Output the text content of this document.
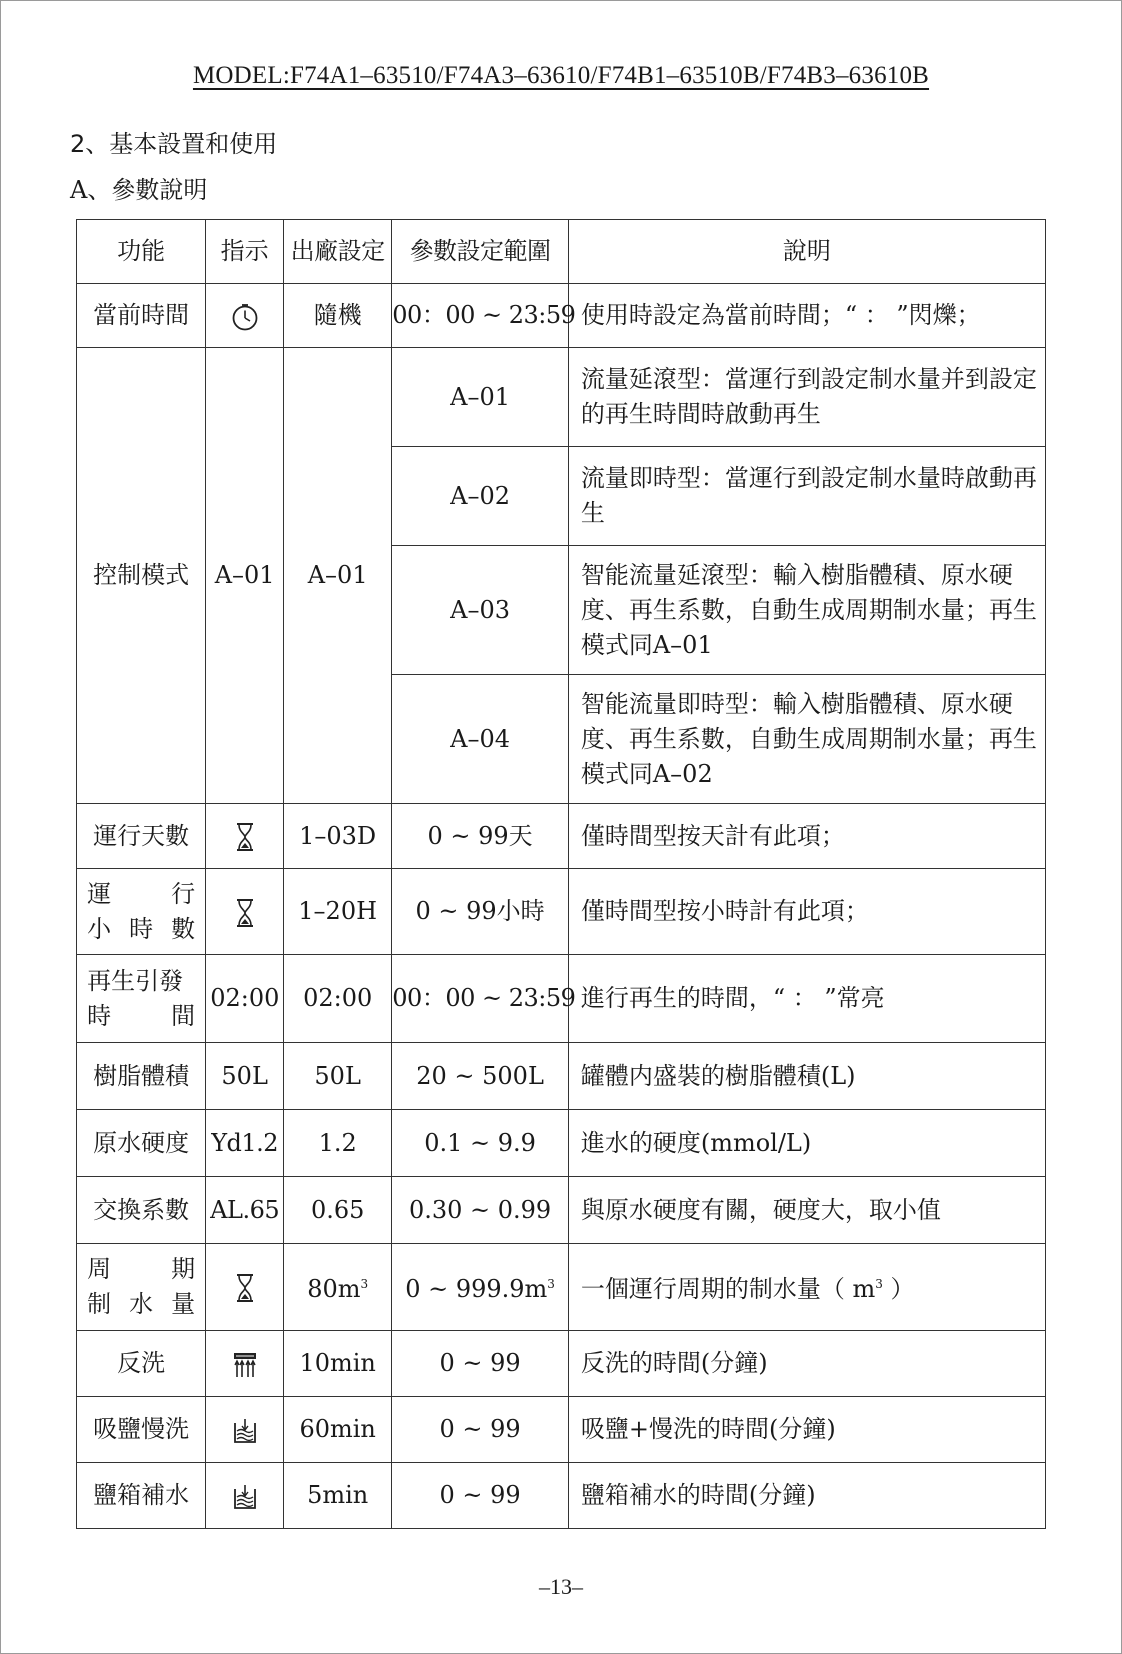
MODEL:F74A1–63510/F74A3–63610/F74B1–63510B/F74B3–63610B
2、基本設置和使用
A、參數說明
功能	指示	出廠設定	參數設定範圍	說明
當前時間		隨機	00：00 ~ 23:59	使用時設定為當前時間；“ ： ”閃爍；
控制模式	A–01	A–01	A–01	流量延滾型：當運行到設定制水量并到設定的再生時間時啟動再生
			A–02	流量即時型：當運行到設定制水量時啟動再生
			A–03	智能流量延滾型：輸入樹脂體積、原水硬度、再生系數，自動生成周期制水量；再生模式同A–01
			A–04	智能流量即時型：輸入樹脂體積、原水硬度、再生系數，自動生成周期制水量；再生模式同A–02
運行天數		1–03D	0 ~ 99天	僅時間型按天計有此項；

運 行
小 時 數		1–20H	0 ~ 99小時	僅時間型按小時計有此項；

再生引發
時 間	02:00	02:00	00：00 ~ 23:59	進行再生的時間，“ ： ”常亮
樹脂體積	50L	50L	20 ~ 500L	罐體内盛裝的樹脂體積(L)
原水硬度	Yd1.2	1.2	0.1 ~ 9.9	進水的硬度(mmol/L)
交換系數	AL.65	0.65	0.30 ~ 0.99	與原水硬度有關，硬度大，取小值

周 期
制 水 量		$80m^3$	0 ~ $999.9m^3$	一個運行周期的制水量（ $m^3$ ）
反洗		10min	0 ~ 99	反洗的時間(分鐘)
吸鹽慢洗		60min	0 ~ 99	吸鹽+慢洗的時間(分鐘)
鹽箱補水		5min	0 ~ 99	鹽箱補水的時間(分鐘)
–13–
